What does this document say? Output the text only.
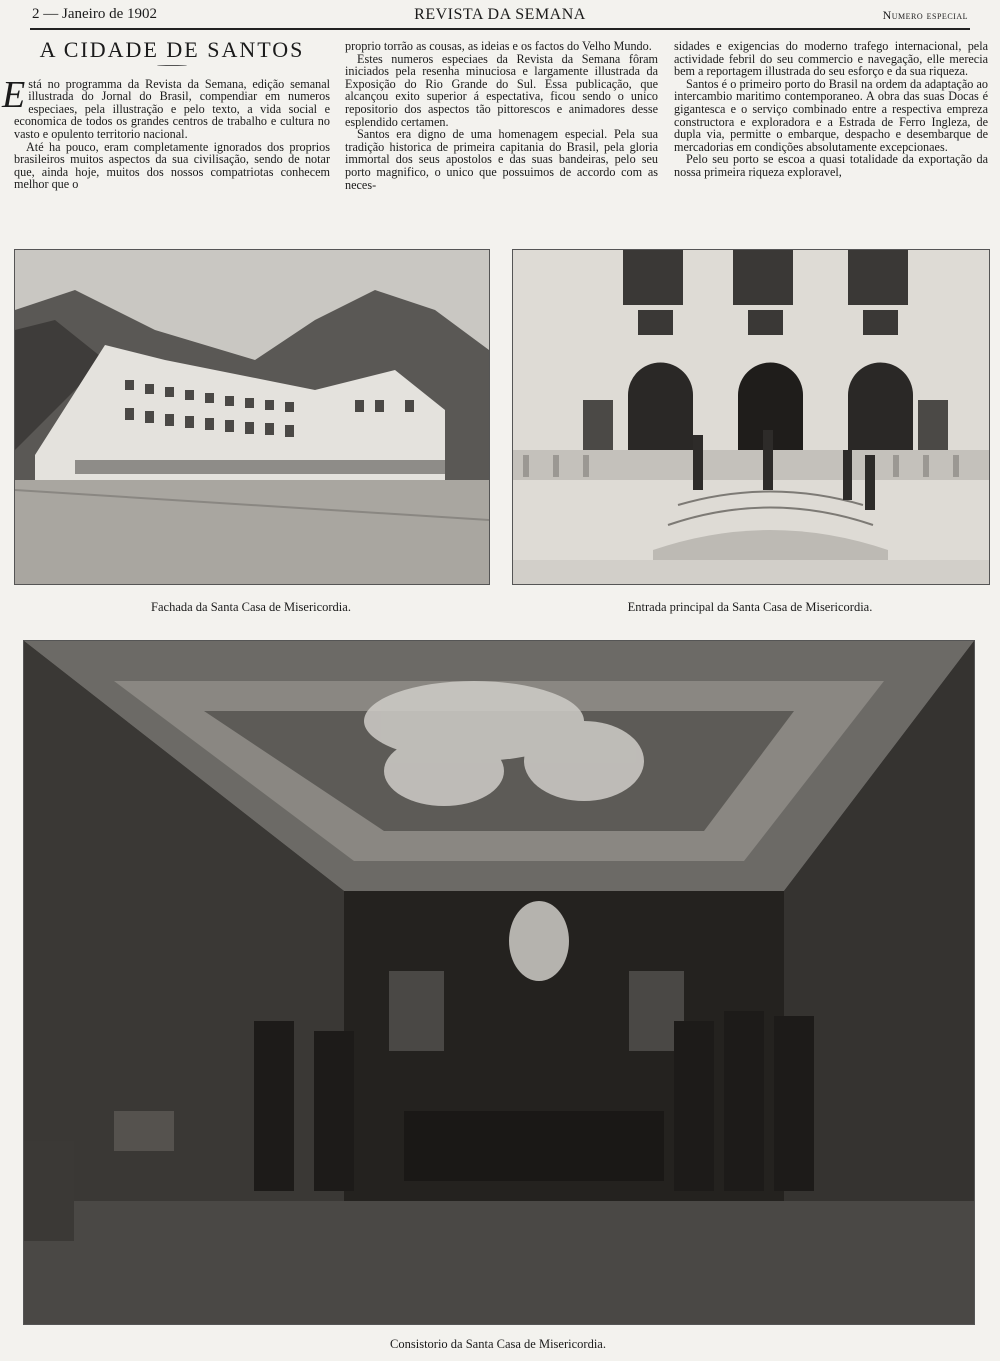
2 — Janeiro de 1902	REVISTA DA SEMANA	Numero especial
A CIDADE DE SANTOS

Está no programma da Revista da Semana, edição semanal illustrada do Jornal do Brasil, compendiar em numeros especiaes, pela illustração e pelo texto, a vida social e economica de todos os grandes centros de trabalho e cultura no vasto e opulento territorio nacional.

Até ha pouco, eram completamente ignorados dos proprios brasileiros muitos aspectos da sua civilisação, sendo de notar que, ainda hoje, muitos dos nossos compatriotas conhecem melhor que o

proprio torrão as cousas, as ideias e os factos do Velho Mundo.

Estes numeros especiaes da Revista da Semana fôram iniciados pela resenha minuciosa e largamente illustrada da Exposição do Rio Grande do Sul. Essa publicação, que alcançou exito superior á espectativa, ficou sendo o unico repositorio dos aspectos tão pittorescos e animadores desse esplendido certamen.

Santos era digno de uma homenagem especial. Pela sua tradição historica de primeira capitania do Brasil, pela gloria immortal dos seus apostolos e das suas bandeiras, pelo seu porto magnifico, o unico que possuimos de accordo com as neces-

sidades e exigencias do moderno trafego internacional, pela actividade febril do seu commercio e navegação, elle merecia bem a reportagem illustrada do seu esforço e da sua riqueza.

Santos é o primeiro porto do Brasil na ordem da adaptação ao intercambio maritimo contemporaneo. A obra das suas Docas é gigantesca e o serviço combinado entre a respectiva empreza constructora e exploradora e a Estrada de Ferro Ingleza, de dupla via, permitte o embarque, despacho e desembarque de mercadorias em condições absolutamente excepcionaes.

Pelo seu porto se escoa a quasi totalidade da exportação da nossa primeira riqueza exploravel,

Fachada da Santa Casa de Misericordia.	Entrada principal da Santa Casa de Misericordia.
Consistorio da Santa Casa de Misericordia.
